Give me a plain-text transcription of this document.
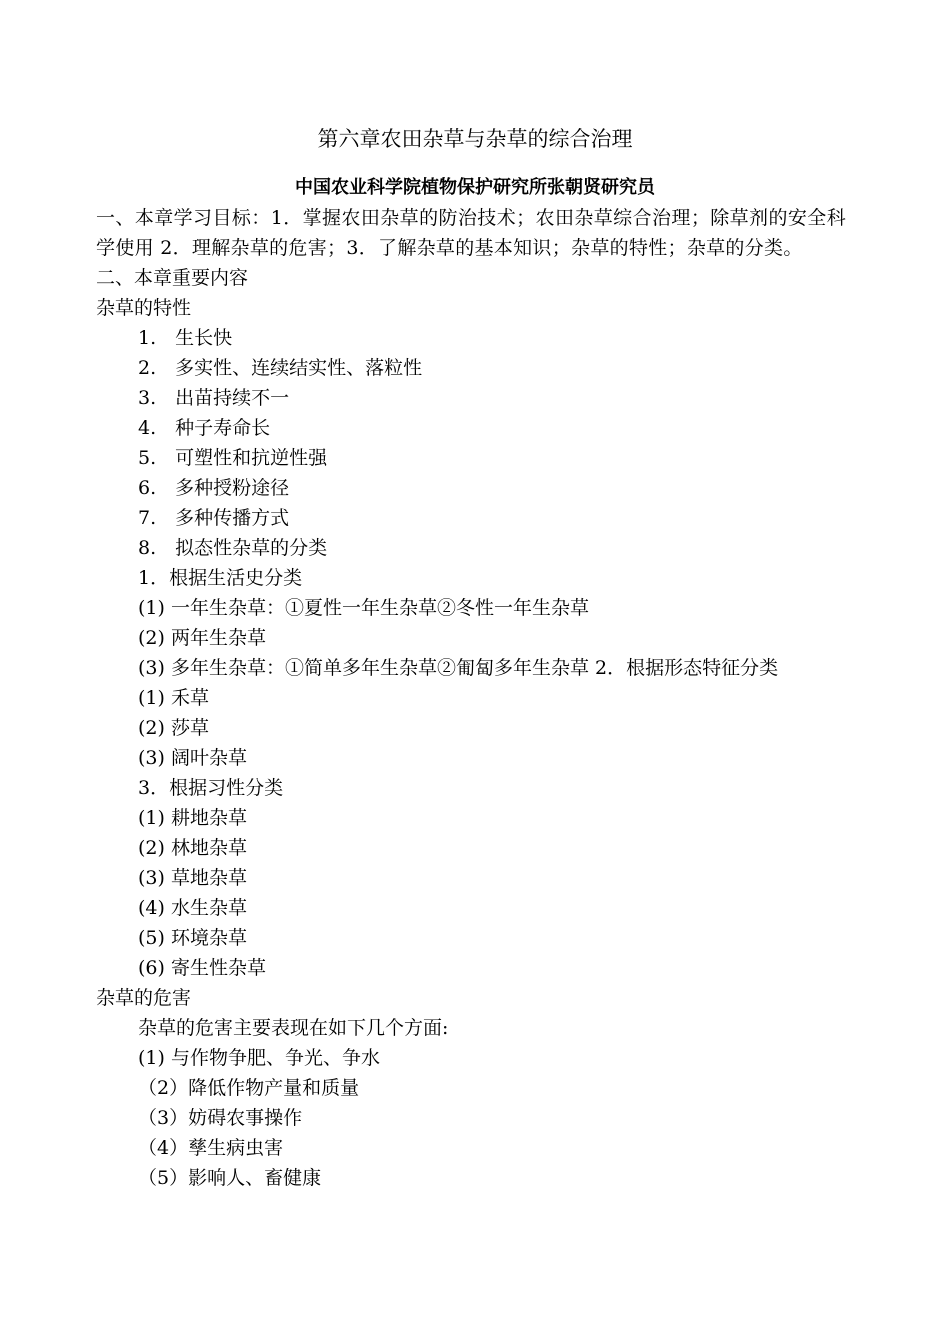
第六章农田杂草与杂草的综合治理
中国农业科学院植物保护研究所张朝贤研究员
一、本章学习目标：1．掌握农田杂草的防治技术；农田杂草综合治理；除草剂的安全科学使用 2．理解杂草的危害；3．了解杂草的基本知识；杂草的特性；杂草的分类。
二、本章重要内容
杂草的特性
1.　生长快
2.　多实性、连续结实性、落粒性
3.　出苗持续不一
4.　种子寿命长
5.　可塑性和抗逆性强
6.　多种授粉途径
7.　多种传播方式
8.　拟态性杂草的分类
1．根据生活史分类
(1) 一年生杂草：①夏性一年生杂草②冬性一年生杂草
(2) 两年生杂草
(3) 多年生杂草：①简单多年生杂草②匍匐多年生杂草 2．根据形态特征分类
(1) 禾草
(2) 莎草
(3) 阔叶杂草
3．根据习性分类
(1) 耕地杂草
(2) 林地杂草
(3) 草地杂草
(4) 水生杂草
(5) 环境杂草
(6) 寄生性杂草
杂草的危害
杂草的危害主要表现在如下几个方面:
(1) 与作物争肥、争光、争水
（2）降低作物产量和质量
（3）妨碍农事操作
（4）孳生病虫害
（5）影响人、畜健康
